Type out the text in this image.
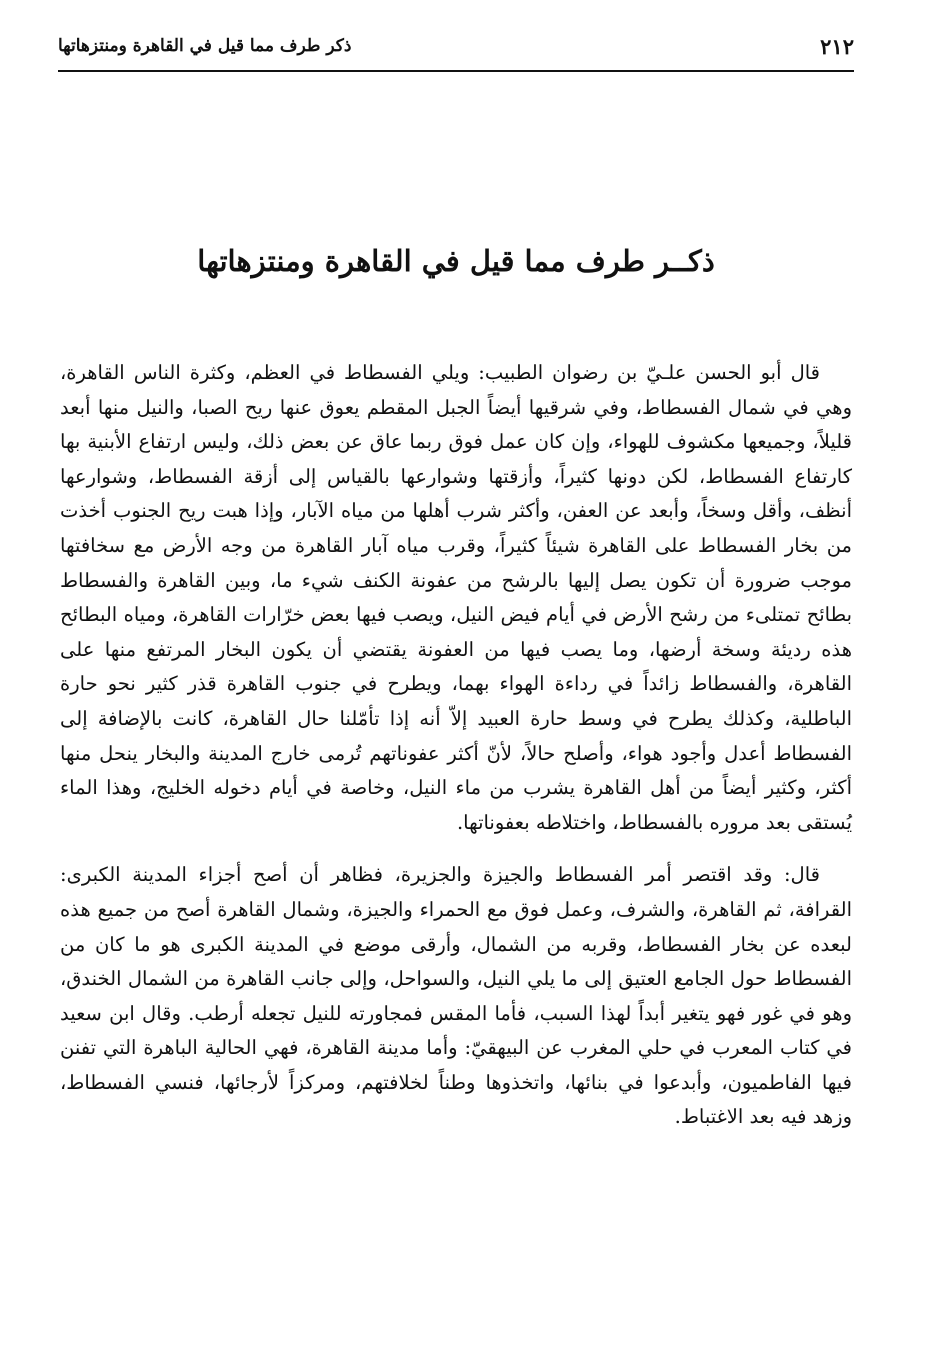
ذكر طرف مما قيل في القاهرة ومنتزهاتها	٢١٢
ذكــر طرف مما قيل في القاهرة ومنتزهاتها

قال أبو الحسن علـيّ بن رضوان الطبيب: ويلي الفسطاط في العظم، وكثرة الناس القاهرة، وهي في شمال الفسطاط، وفي شرقيها أيضاً الجبل المقطم يعوق عنها ريح الصبا، والنيل منها أبعد قليلاً، وجميعها مكشوف للهواء، وإن كان عمل فوق ربما عاق عن بعض ذلك، وليس ارتفاع الأبنية بها كارتفاع الفسطاط، لكن دونها كثيراً، وأزقتها وشوارعها بالقياس إلى أزقة الفسطاط، وشوارعها أنظف، وأقل وسخاً، وأبعد عن العفن، وأكثر شرب أهلها من مياه الآبار، وإذا هبت ريح الجنوب أخذت من بخار الفسطاط على القاهرة شيئاً كثيراً، وقرب مياه آبار القاهرة من وجه الأرض مع سخافتها موجب ضرورة أن تكون يصل إليها بالرشح من عفونة الكنف شيء ما، وبين القاهرة والفسطاط بطائح تمتلىء من رشح الأرض في أيام فيض النيل، ويصب فيها بعض خرّارات القاهرة، ومياه البطائح هذه رديئة وسخة أرضها، وما يصب فيها من العفونة يقتضي أن يكون البخار المرتفع منها على القاهرة، والفسطاط زائداً في رداءة الهواء بهما، ويطرح في جنوب القاهرة قذر كثير نحو حارة الباطلية، وكذلك يطرح في وسط حارة العبيد إلاّ أنه إذا تأمّلنا حال القاهرة، كانت بالإضافة إلى الفسطاط أعدل وأجود هواء، وأصلح حالاً، لأنّ أكثر عفوناتهم تُرمى خارج المدينة والبخار ينحل منها أكثر، وكثير أيضاً من أهل القاهرة يشرب من ماء النيل، وخاصة في أيام دخوله الخليج، وهذا الماء يُستقى بعد مروره بالفسطاط، واختلاطه بعفوناتها.

قال: وقد اقتصر أمر الفسطاط والجيزة والجزيرة، فظاهر أن أصح أجزاء المدينة الكبرى: القرافة، ثم القاهرة، والشرف، وعمل فوق مع الحمراء والجيزة، وشمال القاهرة أصح من جميع هذه لبعده عن بخار الفسطاط، وقربه من الشمال، وأرقى موضع في المدينة الكبرى هو ما كان من الفسطاط حول الجامع العتيق إلى ما يلي النيل، والسواحل، وإلى جانب القاهرة من الشمال الخندق، وهو في غور فهو يتغير أبداً لهذا السبب، فأما المقس فمجاورته للنيل تجعله أرطب. وقال ابن سعيد في كتاب المعرب في حلي المغرب عن البيهقيّ: وأما مدينة القاهرة، فهي الحالية الباهرة التي تفنن فيها الفاطميون، وأبدعوا في بنائها، واتخذوها وطناً لخلافتهم، ومركزاً لأرجائها، فنسي الفسطاط، وزهد فيه بعد الاغتباط.
